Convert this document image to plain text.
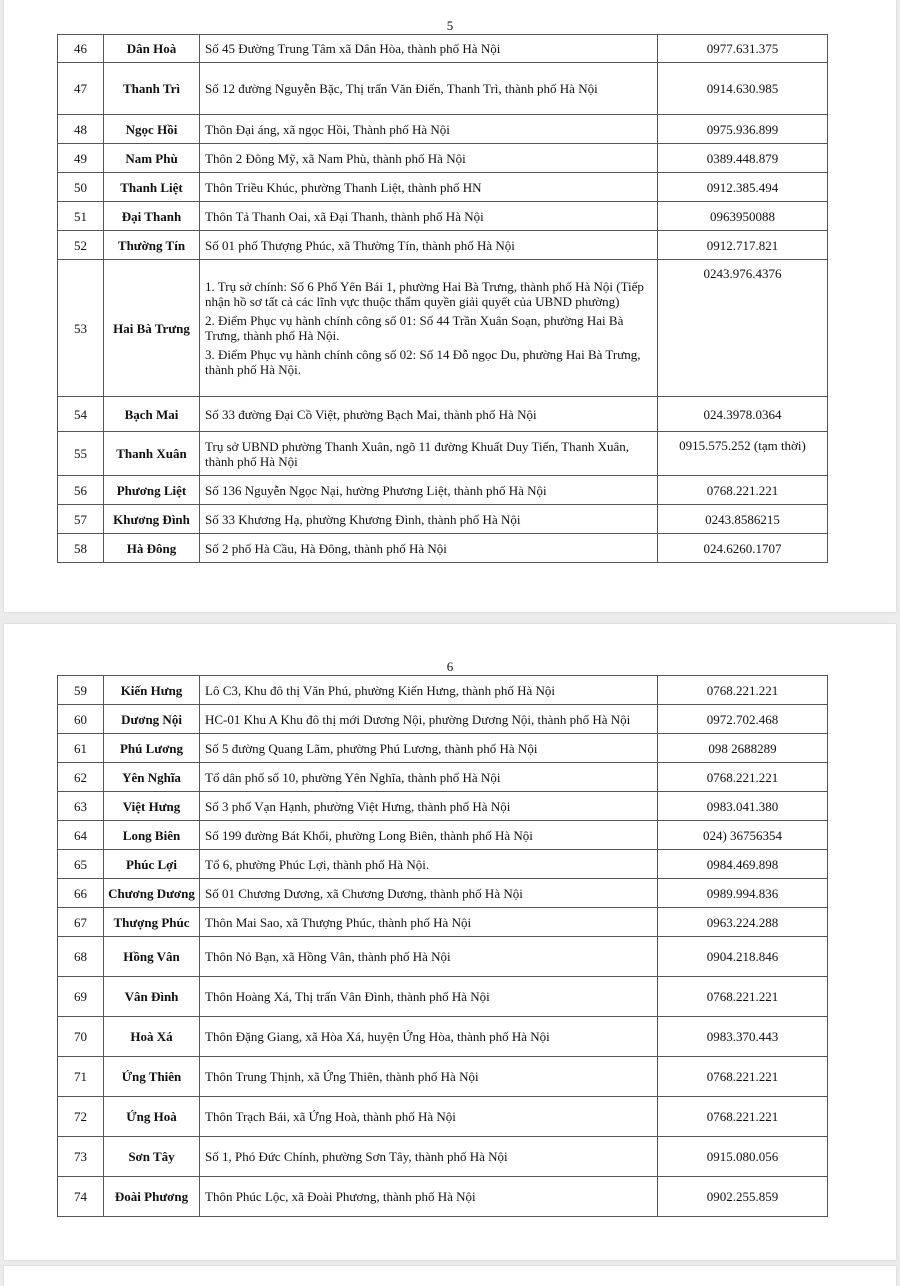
5
46	Dân Hoà	Số 45 Đường Trung Tâm xã Dân Hòa, thành phố Hà Nội	0977.631.375
47	Thanh Trì	Số 12 đường Nguyễn Bặc, Thị trấn Văn Điển, Thanh Trì, thành phố Hà Nội	0914.630.985
48	Ngọc Hồi	Thôn Đại áng, xã ngọc Hồi, Thành phố Hà Nội	0975.936.899
49	Nam Phù	Thôn 2 Đông Mỹ, xã Nam Phù, thành phố Hà Nội	0389.448.879
50	Thanh Liệt	Thôn Triều Khúc, phường Thanh Liệt, thành phố HN	0912.385.494
51	Đại Thanh	Thôn Tả Thanh Oai, xã Đại Thanh, thành phố Hà Nội	0963950088
52	Thường Tín	Số 01 phố Thượng Phúc, xã Thường Tín, thành phố Hà Nội	0912.717.821
53	Hai Bà Trưng	1. Trụ sở chính: Số 6 Phố Yên Bái 1, phường Hai Bà Trưng, thành phố Hà Nội (Tiếp nhận hồ sơ tất cả các lĩnh vực thuộc thẩm quyền giải quyết của UBND phường)
2. Điểm Phục vụ hành chính công số 01: Số 44 Trần Xuân Soạn, phường Hai Bà Trưng, thành phố Hà Nội.
3. Điểm Phục vụ hành chính công số 02: Số 14 Đỗ ngọc Du, phường Hai Bà Trưng, thành phố Hà Nội.	0243.976.4376
54	Bạch Mai	Số 33 đường Đại Cồ Việt, phường Bạch Mai, thành phố Hà Nội	024.3978.0364
55	Thanh Xuân	Trụ sở UBND phường Thanh Xuân, ngõ 11 đường Khuất Duy Tiến, Thanh Xuân, thành phố Hà Nội	0915.575.252 (tạm thời)
56	Phương Liệt	Số 136 Nguyễn Ngọc Nại, hường Phương Liệt, thành phố Hà Nội	0768.221.221
57	Khương Đình	Số 33 Khương Hạ, phường Khương Đình, thành phố Hà Nội	0243.8586215
58	Hà Đông	Số 2 phố Hà Cầu, Hà Đông, thành phố Hà Nội	024.6260.1707
6
59	Kiến Hưng	Lô C3, Khu đô thị Văn Phú, phường Kiến Hưng, thành phố Hà Nội	0768.221.221
60	Dương Nội	HC-01 Khu A Khu đô thị mới Dương Nội, phường Dương Nội, thành phố Hà Nội	0972.702.468
61	Phú Lương	Số 5 đường Quang Lãm, phường Phú Lương, thành phố Hà Nội	098 2688289
62	Yên Nghĩa	Tổ dân phố số 10, phường Yên Nghĩa, thành phố Hà Nội	0768.221.221
63	Việt Hưng	Số 3 phố Vạn Hạnh, phường Việt Hưng, thành phố Hà Nội	0983.041.380
64	Long Biên	Số 199 đường Bát Khối, phường Long Biên, thành phố Hà Nội	024) 36756354
65	Phúc Lợi	Tổ 6, phường Phúc Lợi, thành phố Hà Nội.	0984.469.898
66	Chương Dương	Số 01 Chương Dương, xã Chương Dương, thành phố Hà Nội	0989.994.836
67	Thượng Phúc	Thôn Mai Sao, xã Thượng Phúc, thành phố Hà Nội	0963.224.288
68	Hồng Vân	Thôn Nỏ Bạn, xã Hồng Vân, thành phố Hà Nội	0904.218.846
69	Vân Đình	Thôn Hoàng Xá, Thị trấn Vân Đình, thành phố Hà Nội	0768.221.221
70	Hoà Xá	Thôn Đặng Giang, xã Hòa Xá, huyện Ứng Hòa, thành phố Hà Nội	0983.370.443
71	Ứng Thiên	Thôn Trung Thịnh, xã Ứng Thiên, thành phố Hà Nội	0768.221.221
72	Ứng Hoà	Thôn Trạch Bái, xã Ứng Hoà, thành phố Hà Nội	0768.221.221
73	Sơn Tây	Số 1, Phó Đức Chính, phường Sơn Tây, thành phố Hà Nội	0915.080.056
74	Đoài Phương	Thôn Phúc Lộc, xã Đoài Phương, thành phố Hà Nội	0902.255.859
